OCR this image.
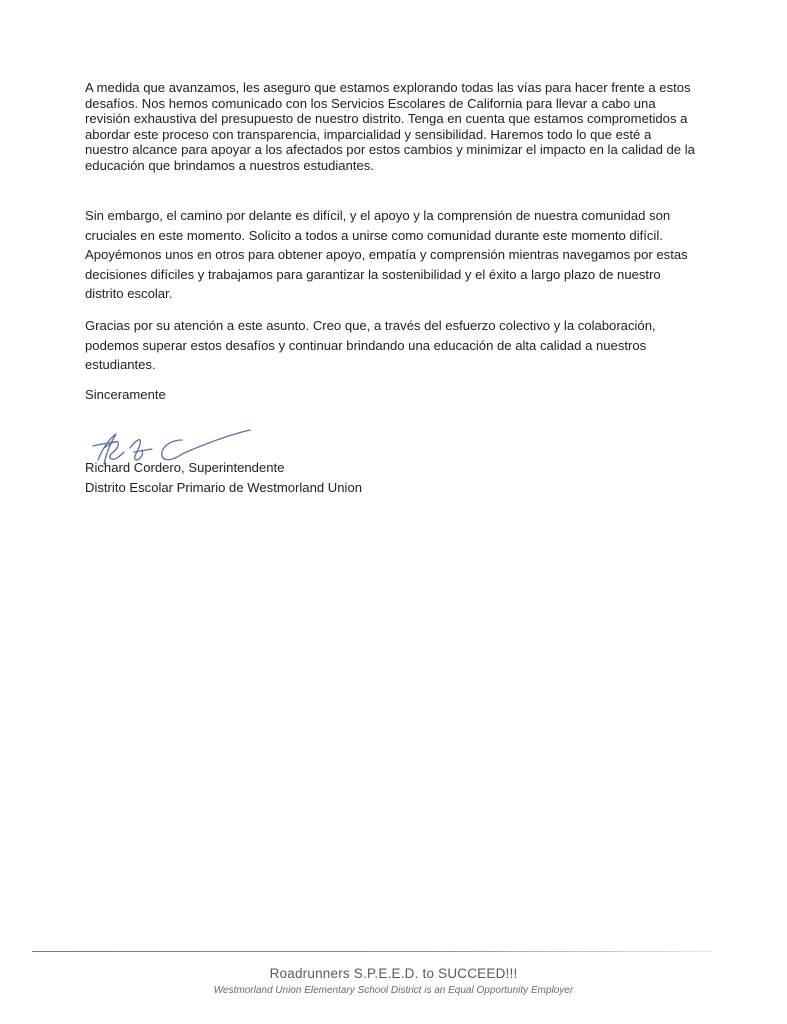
A medida que avanzamos, les aseguro que estamos explorando todas las vías para hacer frente a estos desafíos. Nos hemos comunicado con los Servicios Escolares de California para llevar a cabo una revisión exhaustiva del presupuesto de nuestro distrito. Tenga en cuenta que estamos comprometidos a abordar este proceso con transparencia, imparcialidad y sensibilidad. Haremos todo lo que esté a nuestro alcance para apoyar a los afectados por estos cambios y minimizar el impacto en la calidad de la educación que brindamos a nuestros estudiantes.

Sin embargo, el camino por delante es difícil, y el apoyo y la comprensión de nuestra comunidad son cruciales en este momento. Solicito a todos a unirse como comunidad durante este momento difícil. Apoyémonos unos en otros para obtener apoyo, empatía y comprensión mientras navegamos por estas decisiones difíciles y trabajamos para garantizar la sostenibilidad y el éxito a largo plazo de nuestro distrito escolar.

Gracias por su atención a este asunto. Creo que, a través del esfuerzo colectivo y la colaboración, podemos superar estos desafíos y continuar brindando una educación de alta calidad a nuestros estudiantes.

Sinceramente

Richard Cordero, Superintendente

Distrito Escolar Primario de Westmorland Union

Roadrunners S.P.E.E.D. to SUCCEED!!!
Westmorland Union Elementary School District is an Equal Opportunity Employer
